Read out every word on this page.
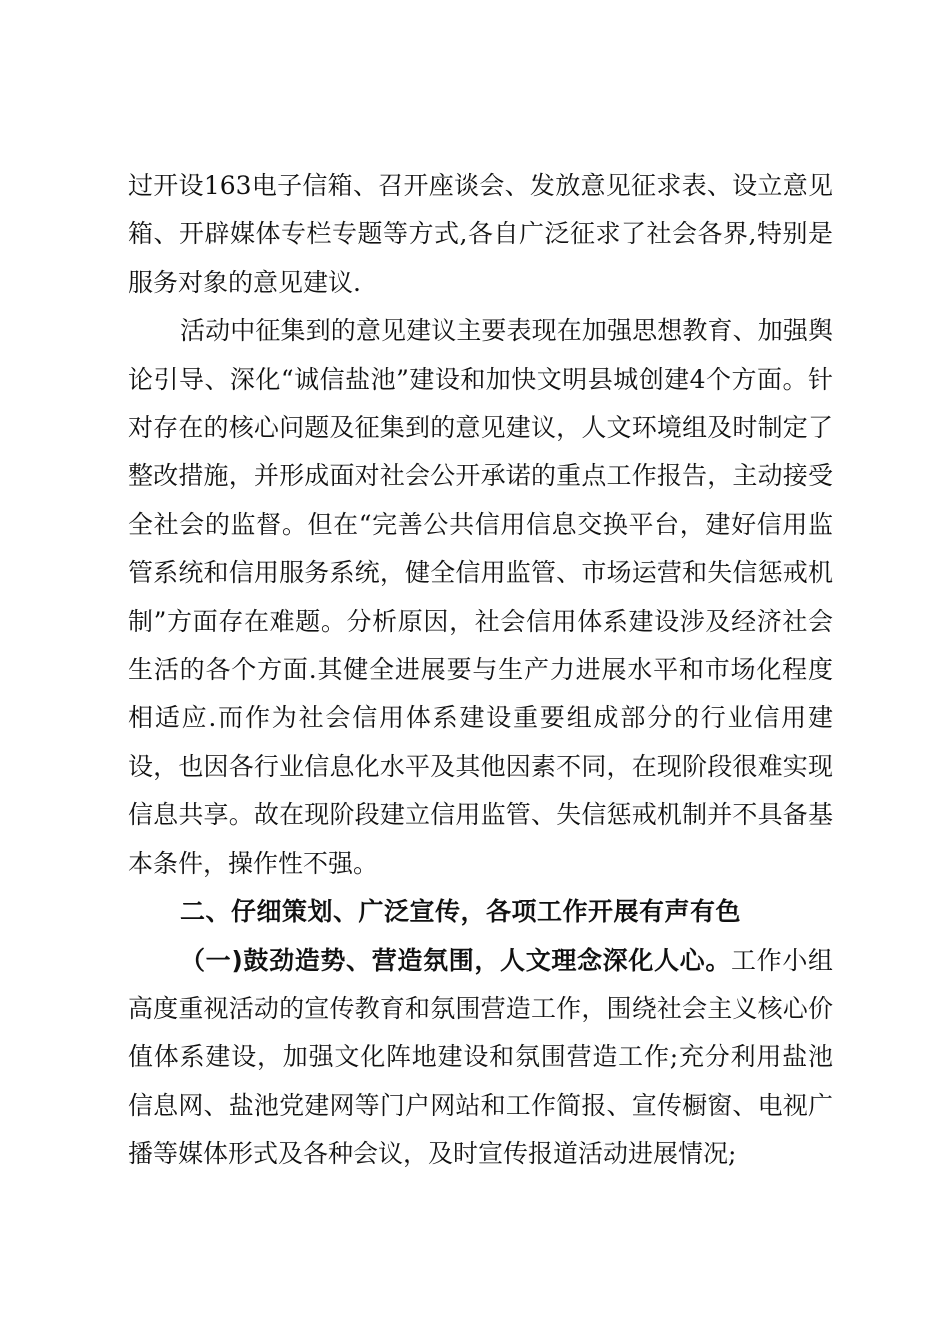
过开设163电子信箱、召开座谈会、发放意见征求表、设立意见箱、开辟媒体专栏专题等方式,各自广泛征求了社会各界,特别是服务对象的意见建议.

活动中征集到的意见建议主要表现在加强思想教育、加强舆论引导、深化“诚信盐池”建设和加快文明县城创建4个方面。针对存在的核心问题及征集到的意见建议，人文环境组及时制定了整改措施，并形成面对社会公开承诺的重点工作报告，主动接受全社会的监督。但在“完善公共信用信息交换平台，建好信用监管系统和信用服务系统，健全信用监管、市场运营和失信惩戒机制”方面存在难题。分析原因，社会信用体系建设涉及经济社会生活的各个方面.其健全进展要与生产力进展水平和市场化程度相适应.而作为社会信用体系建设重要组成部分的行业信用建设，也因各行业信息化水平及其他因素不同，在现阶段很难实现信息共享。故在现阶段建立信用监管、失信惩戒机制并不具备基本条件，操作性不强。

二、仔细策划、广泛宣传，各项工作开展有声有色

（一)鼓劲造势、营造氛围，人文理念深化人心。工作小组高度重视活动的宣传教育和氛围营造工作，围绕社会主义核心价值体系建设，加强文化阵地建设和氛围营造工作;充分利用盐池信息网、盐池党建网等门户网站和工作简报、宣传橱窗、电视广播等媒体形式及各种会议，及时宣传报道活动进展情况;
